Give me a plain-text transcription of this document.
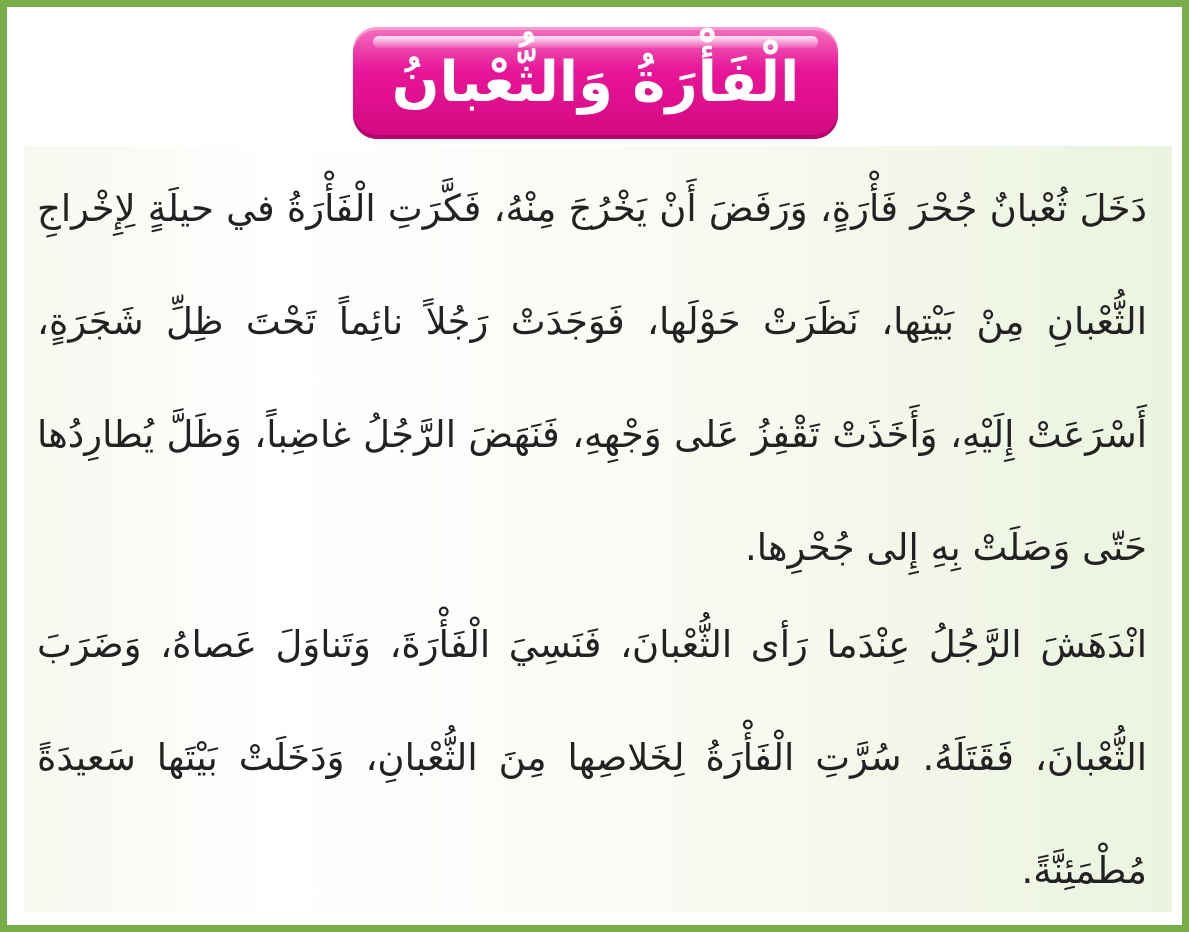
الْفَأْرَةُ وَالثُّعْبانُ

دَخَلَ ثُعْبانٌ جُحْرَ فَأْرَةٍ، وَرَفَضَ أَنْ يَخْرُجَ مِنْهُ، فَكَّرَتِ الْفَأْرَةُ في حيلَةٍ لِإِخْراجِ الثُّعْبانِ مِنْ بَيْتِها، نَظَرَتْ حَوْلَها، فَوَجَدَتْ رَجُلاً نائِماً تَحْتَ ظِلِّ شَجَرَةٍ، أَسْرَعَتْ إِلَيْهِ، وَأَخَذَتْ تَقْفِزُ عَلى وَجْهِهِ، فَنَهَضَ الرَّجُلُ غاضِباً، وَظَلَّ يُطارِدُها حَتّى وَصَلَتْ بِهِ إِلى جُحْرِها.

انْدَهَشَ الرَّجُلُ عِنْدَما رَأى الثُّعْبانَ، فَنَسِيَ الْفَأْرَةَ، وَتَناوَلَ عَصاهُ، وَضَرَبَ الثُّعْبانَ، فَقَتَلَهُ. سُرَّتِ الْفَأْرَةُ لِخَلاصِها مِنَ الثُّعْبانِ، وَدَخَلَتْ بَيْتَها سَعيدَةً مُطْمَئِنَّةً.
